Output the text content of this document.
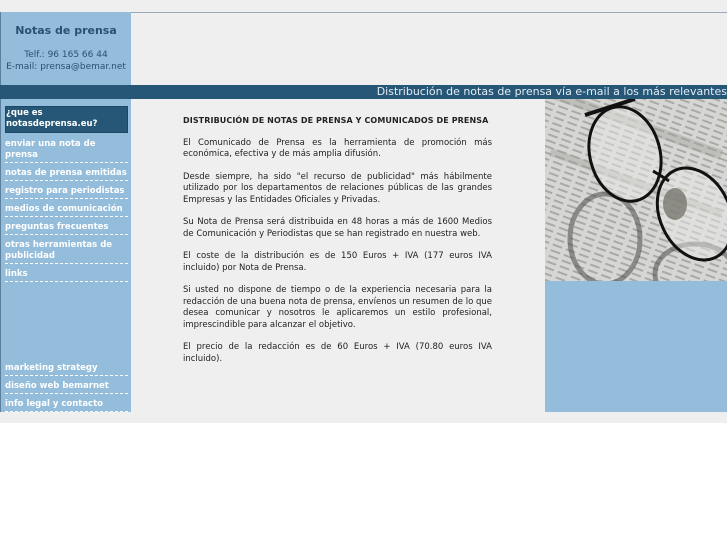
Notas de prensa
Telf.: 96 165 66 44
E-mail: prensa@bemar.net
Distribución de notas de prensa vía e-mail a los más relevantes
¿que es notasdeprensa.eu?
enviar una nota de prensa
notas de prensa emitidas
registro para periodistas
medios de comunicación
preguntas frecuentes
otras herramientas de publicidad
links
marketing strategy
diseño web bemarnet
info legal y contacto
DISTRIBUCIÓN DE NOTAS DE PRENSA Y COMUNICADOS DE PRENSA

El Comunicado de Prensa es la herramienta de promoción más económica, efectiva y de más amplia difusión.

Desde siempre, ha sido "el recurso de publicidad" más hábilmente utilizado por los departamentos de relaciones públicas de las grandes Empresas y las Entidades Oficiales y Privadas.

Su Nota de Prensa será distribuida en 48 horas a más de 1600 Medios de Comunicación y Periodistas que se han registrado en nuestra web.

El coste de la distribución es de 150 Euros + IVA (177 euros IVA incluido) por Nota de Prensa.

Si usted no dispone de tiempo o de la experiencia necesaria para la redacción de una buena nota de prensa, envíenos un resumen de lo que desea comunicar y nosotros le aplicaremos un estilo profesional, imprescindible para alcanzar el objetivo.

El precio de la redacción es de 60 Euros + IVA (70.80 euros IVA incluido).
